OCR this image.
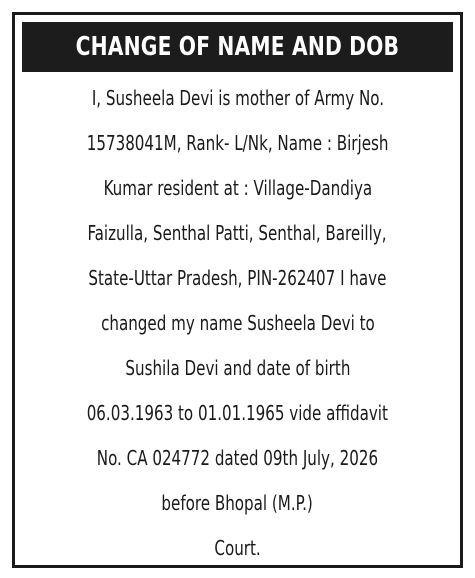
CHANGE OF NAME AND DOB
I, Susheela Devi is mother of Army No.
15738041M, Rank- L/Nk, Name : Birjesh
Kumar resident at : Village-Dandiya
Faizulla, Senthal Patti, Senthal, Bareilly,
State-Uttar Pradesh, PIN-262407 I have
changed my name Susheela Devi to
Sushila Devi and date of birth
06.03.1963 to 01.01.1965 vide affidavit
No. CA 024772 dated 09th July, 2026
before Bhopal (M.P.)
Court.
